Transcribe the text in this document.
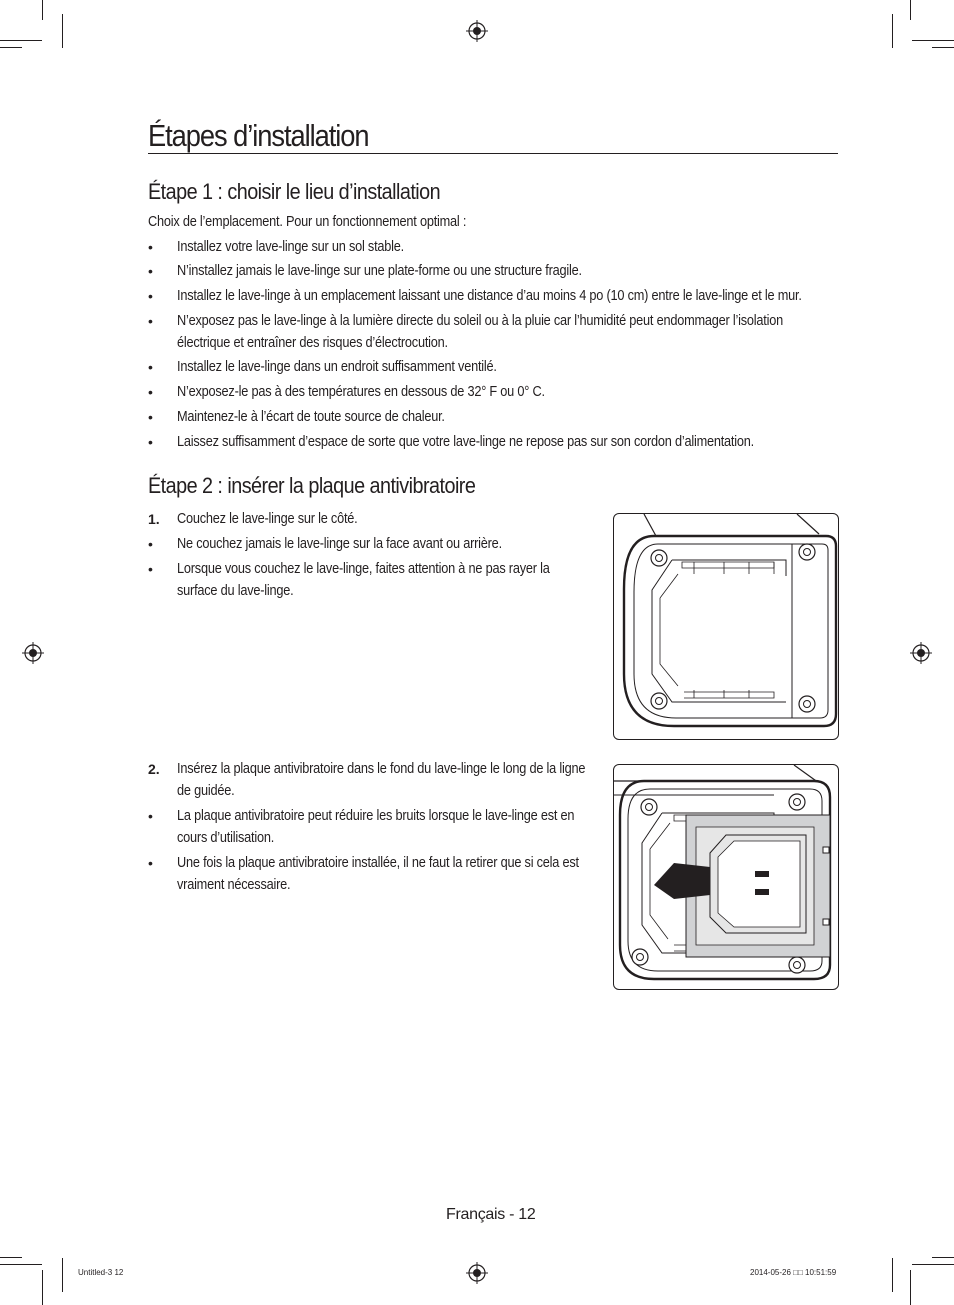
Étapes d’installation
Étape 1 : choisir le lieu d’installation
Choix de l’emplacement. Pour un fonctionnement optimal :
• Installez votre lave-linge sur un sol stable.
• N’installez jamais le lave-linge sur une plate-forme ou une structure fragile.
• Installez le lave-linge à un emplacement laissant une distance d’au moins 4 po (10 cm) entre le lave-linge et le mur.
• N’exposez pas le lave-linge à la lumière directe du soleil ou à la pluie car l’humidité peut endommager l’isolation
électrique et entraîner des risques d’électrocution.
• Installez le lave-linge dans un endroit suffisamment ventilé.
• N’exposez-le pas à des températures en dessous de 32° F ou 0° C.
• Maintenez-le à l’écart de toute source de chaleur.
• Laissez suffisamment d’espace de sorte que votre lave-linge ne repose pas sur son cordon d’alimentation.
Étape 2 : insérer la plaque antivibratoire
1. Couchez le lave-linge sur le côté.
• Ne couchez jamais le lave-linge sur la face avant ou arrière.
• Lorsque vous couchez le lave-linge, faites attention à ne pas rayer la
surface du lave-linge.
2. Insérez la plaque antivibratoire dans le fond du lave-linge le long de la ligne
de guidée.
• La plaque antivibratoire peut réduire les bruits lorsque le lave-linge est en
cours d’utilisation.
• Une fois la plaque antivibratoire installée, il ne faut la retirer que si cela est
vraiment nécessaire.
Français - 12
Untitled-3 12	2014-05-26 □□ 10:51:59
